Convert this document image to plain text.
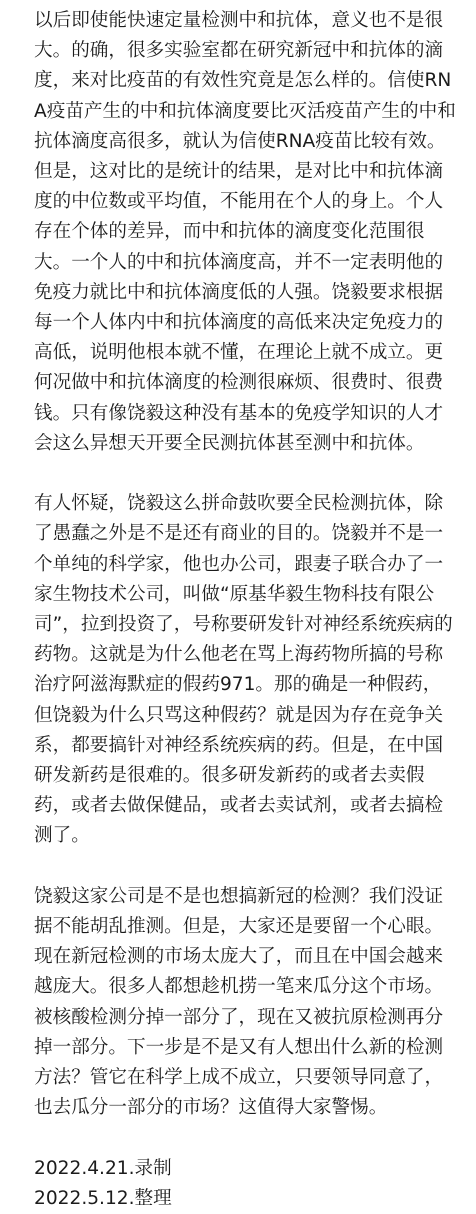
以后即使能快速定量检测中和抗体，意义也不是很大。的确，很多实验室都在研究新冠中和抗体的滴度，来对比疫苗的有效性究竟是怎么样的。信使RNA疫苗产生的中和抗体滴度要比灭活疫苗产生的中和抗体滴度高很多，就认为信使RNA疫苗比较有效。但是，这对比的是统计的结果，是对比中和抗体滴度的中位数或平均值，不能用在个人的身上。个人存在个体的差异，而中和抗体的滴度变化范围很大。一个人的中和抗体滴度高，并不一定表明他的免疫力就比中和抗体滴度低的人强。饶毅要求根据每一个人体内中和抗体滴度的高低来决定免疫力的高低，说明他根本就不懂，在理论上就不成立。更何况做中和抗体滴度的检测很麻烦、很费时、很费钱。只有像饶毅这种没有基本的免疫学知识的人才会这么异想天开要全民测抗体甚至测中和抗体。

有人怀疑，饶毅这么拼命鼓吹要全民检测抗体，除了愚蠢之外是不是还有商业的目的。饶毅并不是一个单纯的科学家，他也办公司，跟妻子联合办了一家生物技术公司，叫做“原基华毅生物科技有限公司”，拉到投资了，号称要研发针对神经系统疾病的药物。这就是为什么他老在骂上海药物所搞的号称治疗阿滋海默症的假药971。那的确是一种假药，但饶毅为什么只骂这种假药？就是因为存在竞争关系，都要搞针对神经系统疾病的药。但是，在中国研发新药是很难的。很多研发新药的或者去卖假药，或者去做保健品，或者去卖试剂，或者去搞检测了。

饶毅这家公司是不是也想搞新冠的检测？我们没证据不能胡乱推测。但是，大家还是要留一个心眼。现在新冠检测的市场太庞大了，而且在中国会越来越庞大。很多人都想趁机捞一笔来瓜分这个市场。被核酸检测分掉一部分了，现在又被抗原检测再分掉一部分。下一步是不是又有人想出什么新的检测方法？管它在科学上成不成立，只要领导同意了，也去瓜分一部分的市场？这值得大家警惕。

2022.4.21.录制
2022.5.12.整理
